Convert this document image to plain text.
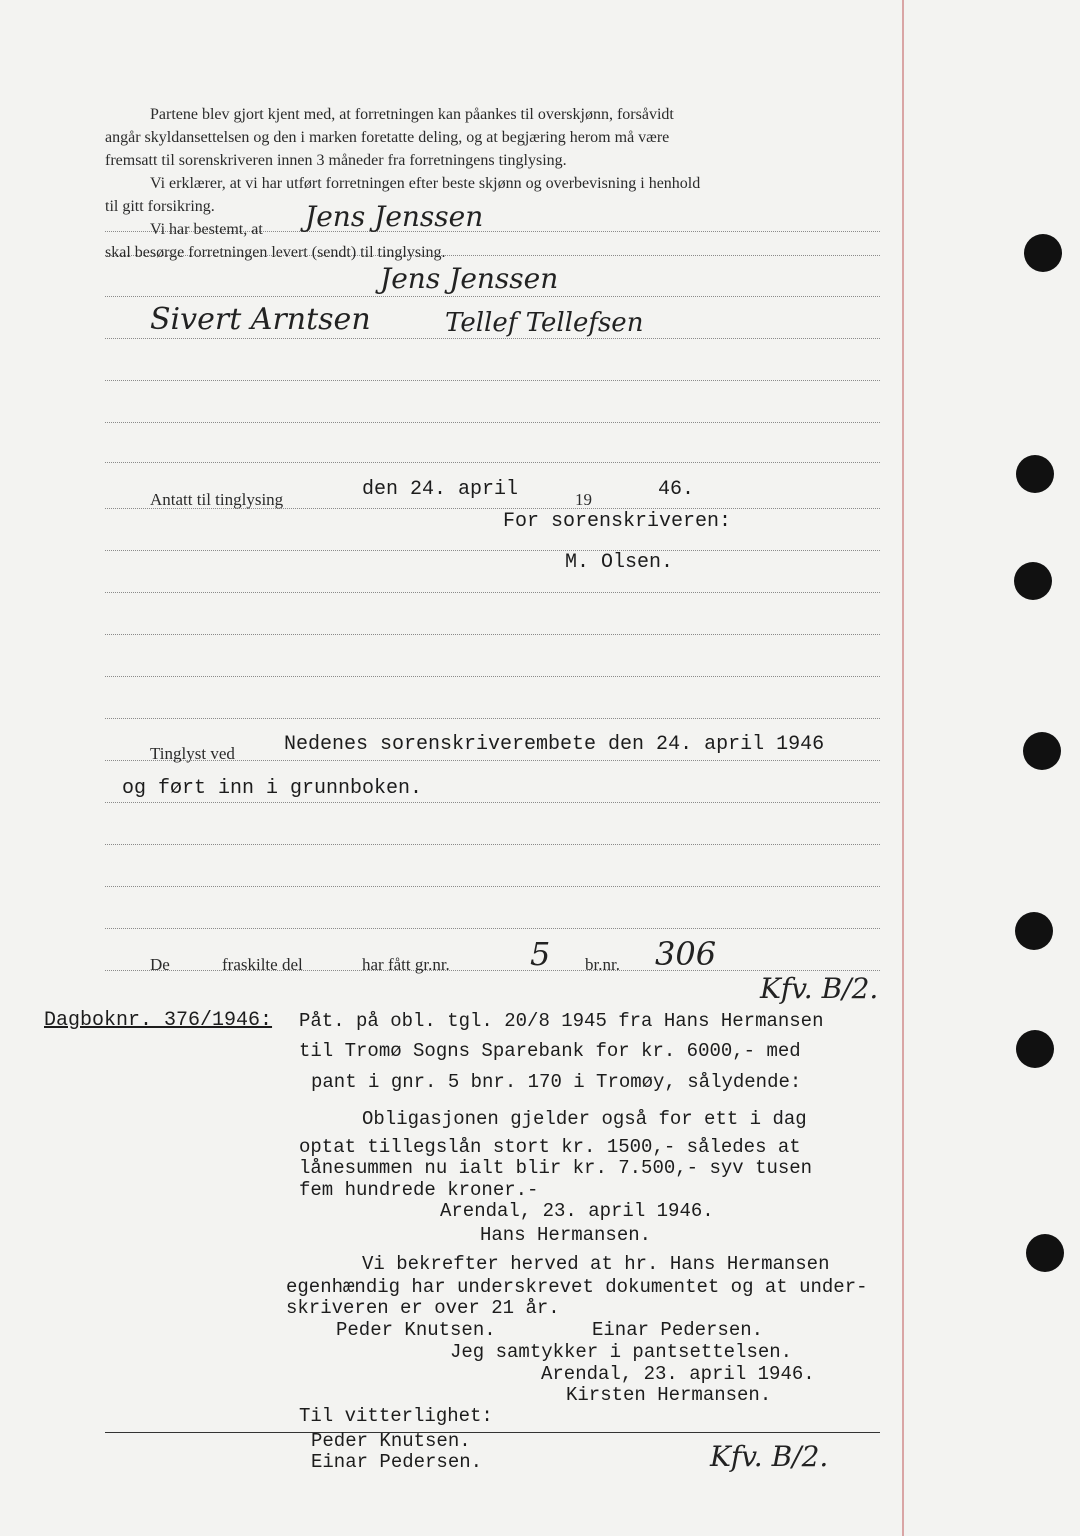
Partene blev gjort kjent med, at forretningen kan påankes til overskjønn, forsåvidt
angår skyldansettelsen og den i marken foretatte deling, og at begjæring herom må være
fremsatt til sorenskriveren innen 3 måneder fra forretningens tinglysing.
Vi erklærer, at vi har utført forretningen efter beste skjønn og overbevisning i henhold
til gitt forsikring.
Vi har bestemt, at
skal besørge forretningen levert (sendt) til tinglysing.
Jens Jenssen
Jens Jenssen
Sivert Arntsen	Tellef Tellefsen
Antatt til tinglysing	den 24. april	19	46.
For sorenskriveren:
M. Olsen.
Tinglyst ved Nedenes sorenskriverembete den 24. april 1946
og ført inn i grunnboken.
De	fraskilte del	har fått gr.nr.	5 br.nr. 306
Kfv. B/2.
Dagboknr. 376/1946: Påt. på obl. tgl. 20/8 1945 fra Hans Hermansen
til Tromø Sogns Sparebank for kr. 6000,- med
pant i gnr. 5 bnr. 170 i Tromøy, sålydende:
Obligasjonen gjelder også for ett i dag
optat tillegslån stort kr. 1500,- således at
lånesummen nu ialt blir kr. 7.500,- syv tusen
fem hundrede kroner.-
Arendal, 23. april 1946.
Hans Hermansen.
Vi bekrefter herved at hr. Hans Hermansen
egenhændig har underskrevet dokumentet og at under-
skriveren er over 21 år.
Peder Knutsen.	Einar Pedersen.
Jeg samtykker i pantsettelsen.
Arendal, 23. april 1946.
Kirsten Hermansen.
Til vitterlighet:
Peder Knutsen.
Einar Pedersen.	Kfv. B/2.
